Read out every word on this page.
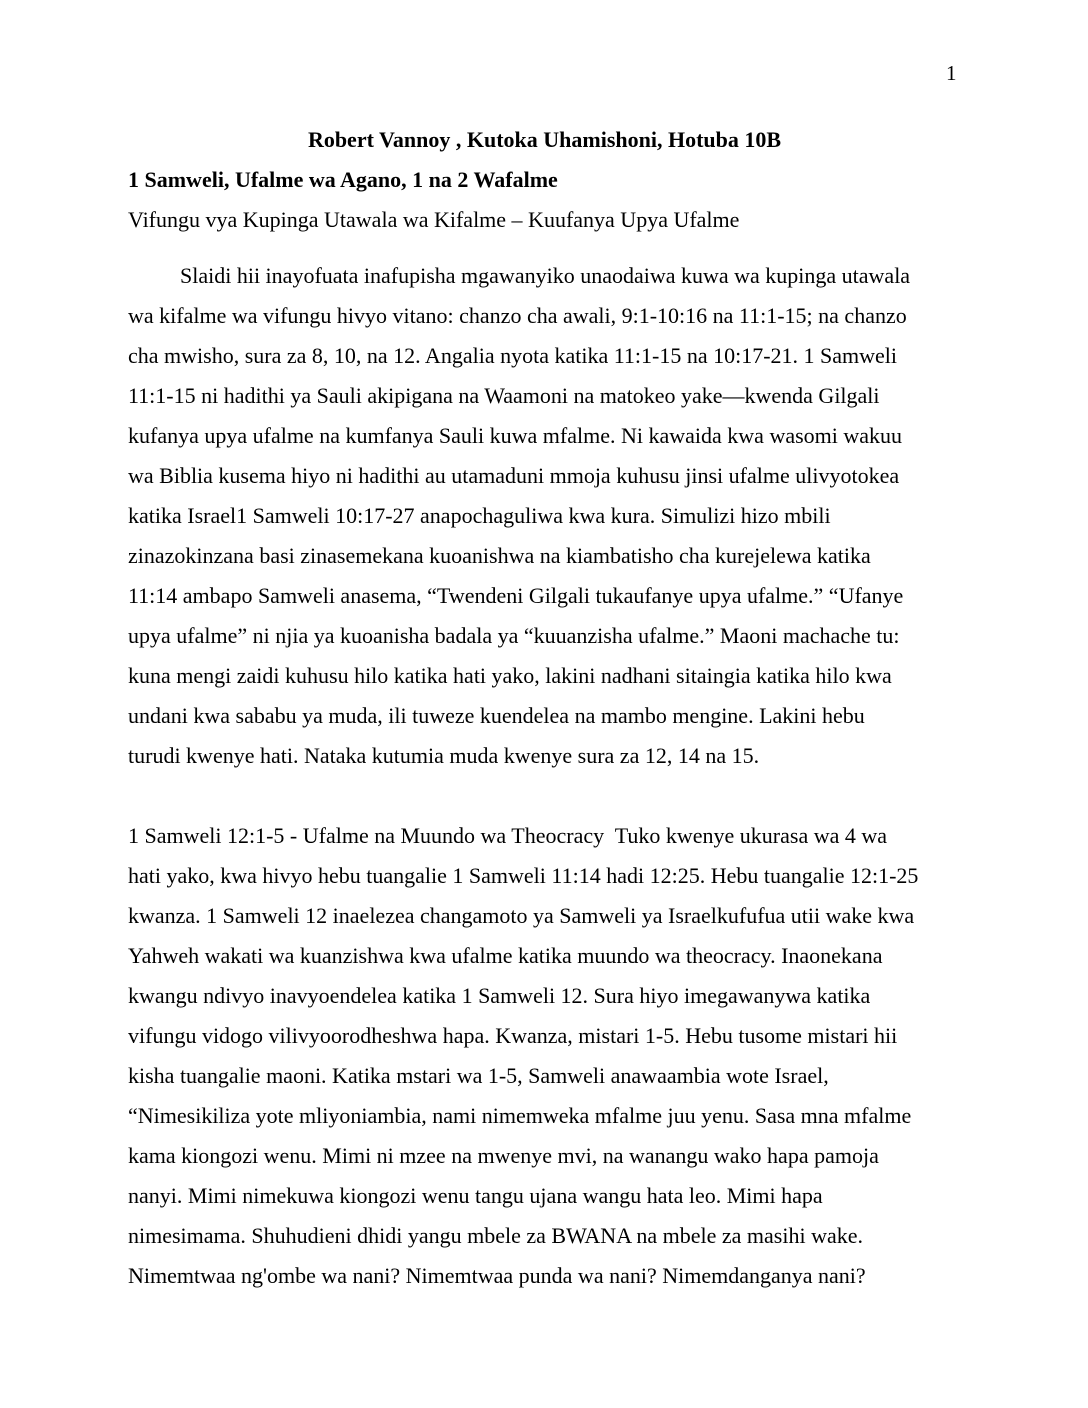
1
Robert Vannoy , Kutoka Uhamishoni, Hotuba 10B
1 Samweli, Ufalme wa Agano, 1 na 2 Wafalme
Vifungu vya Kupinga Utawala wa Kifalme – Kuufanya Upya Ufalme
Slaidi hii inayofuata inafupisha mgawanyiko unaodaiwa kuwa wa kupinga utawala
wa kifalme wa vifungu hivyo vitano: chanzo cha awali, 9:1-10:16 na 11:1-15; na chanzo
cha mwisho, sura za 8, 10, na 12. Angalia nyota katika 11:1-15 na 10:17-21. 1 Samweli
11:1-15 ni hadithi ya Sauli akipigana na Waamoni na matokeo yake—kwenda Gilgali
kufanya upya ufalme na kumfanya Sauli kuwa mfalme. Ni kawaida kwa wasomi wakuu
wa Biblia kusema hiyo ni hadithi au utamaduni mmoja kuhusu jinsi ufalme ulivyotokea
katika Israel1 Samweli 10:17-27 anapochaguliwa kwa kura. Simulizi hizo mbili
zinazokinzana basi zinasemekana kuoanishwa na kiambatisho cha kurejelewa katika
11:14 ambapo Samweli anasema, “Twendeni Gilgali tukaufanye upya ufalme.” “Ufanye
upya ufalme” ni njia ya kuoanisha badala ya “kuuanzisha ufalme.” Maoni machache tu:
kuna mengi zaidi kuhusu hilo katika hati yako, lakini nadhani sitaingia katika hilo kwa
undani kwa sababu ya muda, ili tuweze kuendelea na mambo mengine. Lakini hebu
turudi kwenye hati. Nataka kutumia muda kwenye sura za 12, 14 na 15.
1 Samweli 12:1-5 - Ufalme na Muundo wa Theocracy  Tuko kwenye ukurasa wa 4 wa
hati yako, kwa hivyo hebu tuangalie 1 Samweli 11:14 hadi 12:25. Hebu tuangalie 12:1-25
kwanza. 1 Samweli 12 inaelezea changamoto ya Samweli ya Israelkufufua utii wake kwa
Yahweh wakati wa kuanzishwa kwa ufalme katika muundo wa theocracy. Inaonekana
kwangu ndivyo inavyoendelea katika 1 Samweli 12. Sura hiyo imegawanywa katika
vifungu vidogo vilivyoorodheshwa hapa. Kwanza, mistari 1-5. Hebu tusome mistari hii
kisha tuangalie maoni. Katika mstari wa 1-5, Samweli anawaambia wote Israel,
“Nimesikiliza yote mliyoniambia, nami nimemweka mfalme juu yenu. Sasa mna mfalme
kama kiongozi wenu. Mimi ni mzee na mwenye mvi, na wanangu wako hapa pamoja
nanyi. Mimi nimekuwa kiongozi wenu tangu ujana wangu hata leo. Mimi hapa
nimesimama. Shuhudieni dhidi yangu mbele za BWANA na mbele za masihi wake.
Nimemtwaa ng'ombe wa nani? Nimemtwaa punda wa nani? Nimemdanganya nani?
